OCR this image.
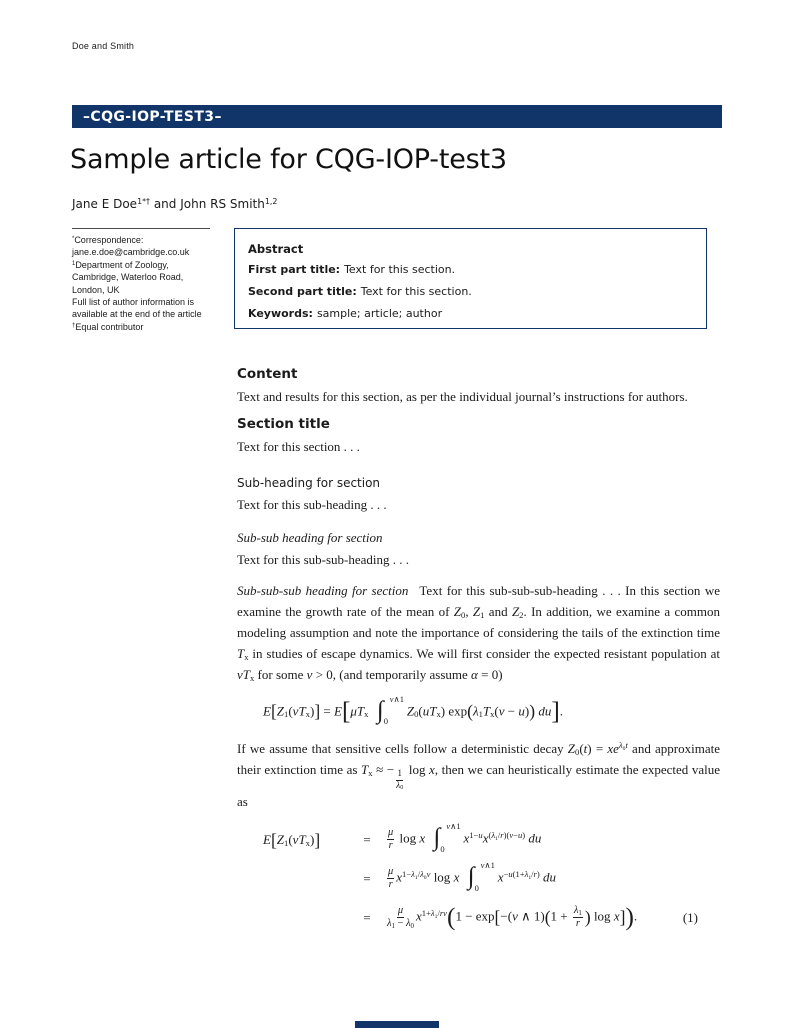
Doe and Smith
–CQG-IOP-TEST3–
Sample article for CQG-IOP-test3
Jane E Doe$^{1*\dagger}$ and John RS Smith$^{1,2}$
*Correspondence:
jane.e.doe@cambridge.co.uk
$^1$Department of Zoology,
Cambridge, Waterloo Road,
London, UK
Full list of author information is
available at the end of the article
†Equal contributor
Abstract
First part title: Text for this section.
Second part title: Text for this section.
Keywords: sample; article; author
Content

Text and results for this section, as per the individual journal’s instructions for authors.

Section title

Text for this section . . .

Sub-heading for section

Text for this sub-heading . . .

Sub-sub heading for section

Text for this sub-sub-heading . . .

Sub-sub-sub heading for section Text for this sub-sub-sub-heading . . . In this section we examine the growth rate of the mean of $Z_0$, $Z_1$ and $Z_2$. In addition, we examine a common modeling assumption and note the importance of considering the tails of the extinction time $T_x$ in studies of escape dynamics. We will first consider the expected resistant population at $vT_x$ for some v > 0, (and temporarily assume α = 0)

$E[Z_1(vT_x)] = E[\mu T_x$ ∫ v∧1
0
$Z_0(uT_x) \exp(\lambda_1T_x(v - u))$ du].

If we assume that sensitive cells follow a deterministic decay $Z_0(t) = xe^{\lambda_0t}$ and approximate their extinction time as $T_x$ ≈ − $\frac{1}{\lambda_0}$ log x, then we can heuristically estimate the expected value as

$E[Z_1(vT_x)]$	=	$\frac{\mu}{r}$ log x ∫ v∧1
0
$x^{1-u}x^{(\lambda_1/r)(v-u)}$ du
=	$\frac{\mu}{r} x^{1-\lambda_1/\lambda_0v}$ log x ∫ v∧1
0
$x^{-u(1+\lambda_1/r)}$ du
=	$\frac{\mu}{\lambda_1 - \lambda_0} x^{1+\lambda_1/rv}(1 - \exp[-(v$ ∧ $1)(1 + \frac{\lambda_1}{r}$ ) log x]).	(1)
